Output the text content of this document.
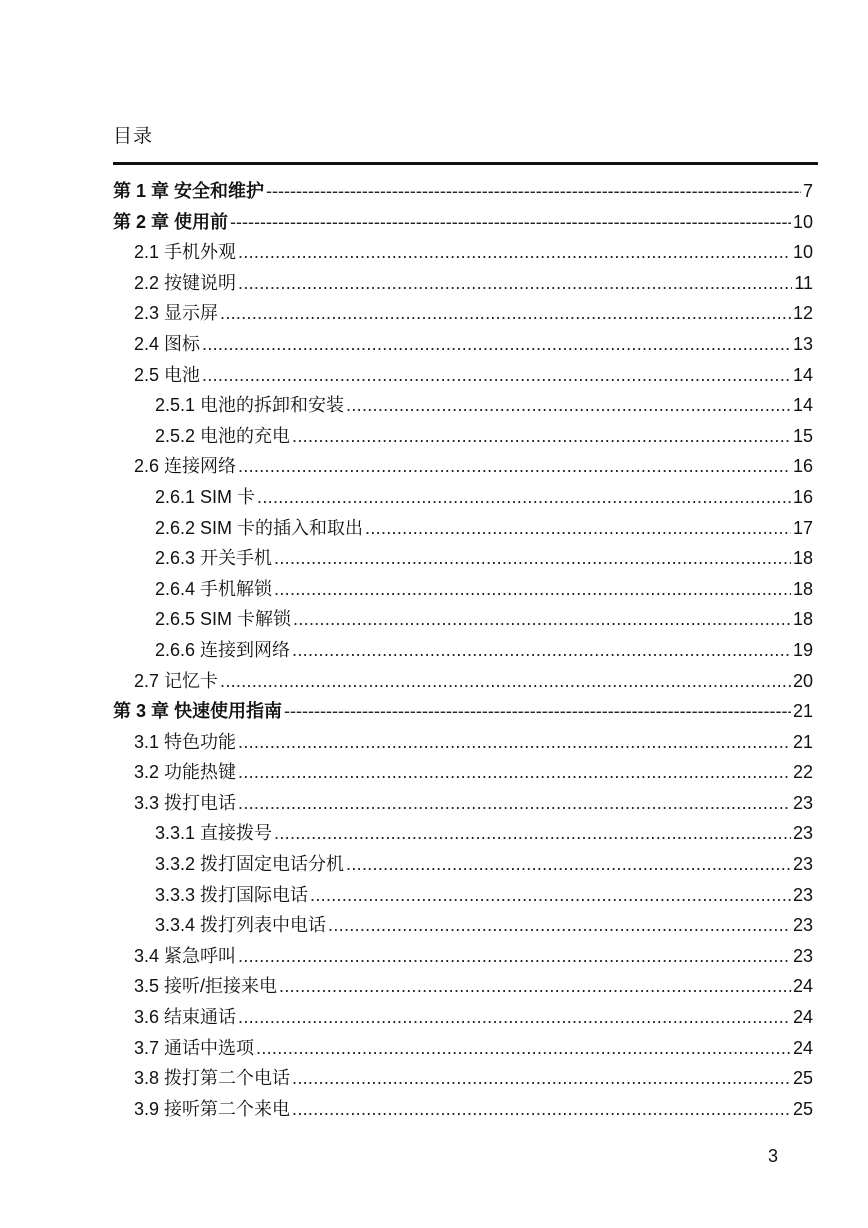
目录
第 1 章 安全和维护 -----	7
第 2 章 使用前 -----	10
2.1 手机外观 .....	10
2.2 按键说明 .....	11
2.3 显示屏 .....	12
2.4 图标 .....	13
2.5 电池 .....	14
2.5.1 电池的拆卸和安装 .....	14
2.5.2 电池的充电 .....	15
2.6 连接网络 .....	16
2.6.1 SIM 卡 .....	16
2.6.2 SIM 卡的插入和取出 .....	17
2.6.3 开关手机 .....	18
2.6.4 手机解锁 .....	18
2.6.5 SIM 卡解锁 .....	18
2.6.6 连接到网络 .....	19
2.7 记忆卡 .....	20
第 3 章 快速使用指南 -----	21
3.1 特色功能 .....	21
3.2 功能热键 .....	22
3.3 拨打电话 .....	23
3.3.1 直接拨号 .....	23
3.3.2 拨打固定电话分机 .....	23
3.3.3 拨打国际电话 .....	23
3.3.4 拨打列表中电话 .....	23
3.4 紧急呼叫 .....	23
3.5 接听/拒接来电 .....	24
3.6 结束通话 .....	24
3.7 通话中选项 .....	24
3.8 拨打第二个电话 .....	25
3.9 接听第二个来电 .....	25
3
